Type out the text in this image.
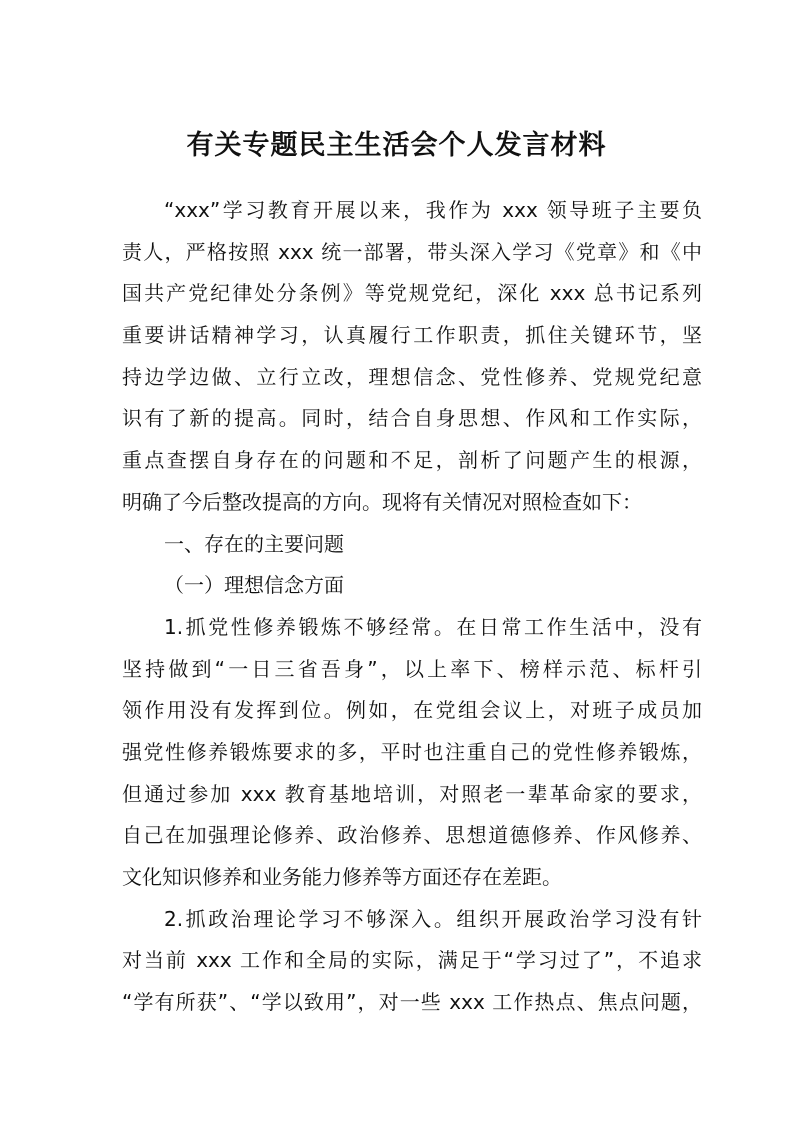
有关专题民主生活会个人发言材料
“xxx”学习教育开展以来，我作为 xxx 领导班子主要负
责人，严格按照 xxx 统一部署，带头深入学习《党章》和《中
国共产党纪律处分条例》等党规党纪，深化 xxx 总书记系列
重要讲话精神学习，认真履行工作职责，抓住关键环节，坚
持边学边做、立行立改，理想信念、党性修养、党规党纪意
识有了新的提高。同时，结合自身思想、作风和工作实际，
重点查摆自身存在的问题和不足，剖析了问题产生的根源，
明确了今后整改提高的方向。现将有关情况对照检查如下：
一、存在的主要问题
（一）理想信念方面
1.抓党性修养锻炼不够经常。在日常工作生活中，没有
坚持做到“一日三省吾身”，以上率下、榜样示范、标杆引
领作用没有发挥到位。例如，在党组会议上，对班子成员加
强党性修养锻炼要求的多，平时也注重自己的党性修养锻炼，
但通过参加 xxx 教育基地培训，对照老一辈革命家的要求，
自己在加强理论修养、政治修养、思想道德修养、作风修养、
文化知识修养和业务能力修养等方面还存在差距。
2.抓政治理论学习不够深入。组织开展政治学习没有针
对当前 xxx 工作和全局的实际，满足于“学习过了”，不追求
“学有所获”、“学以致用”，对一些 xxx 工作热点、焦点问题，
